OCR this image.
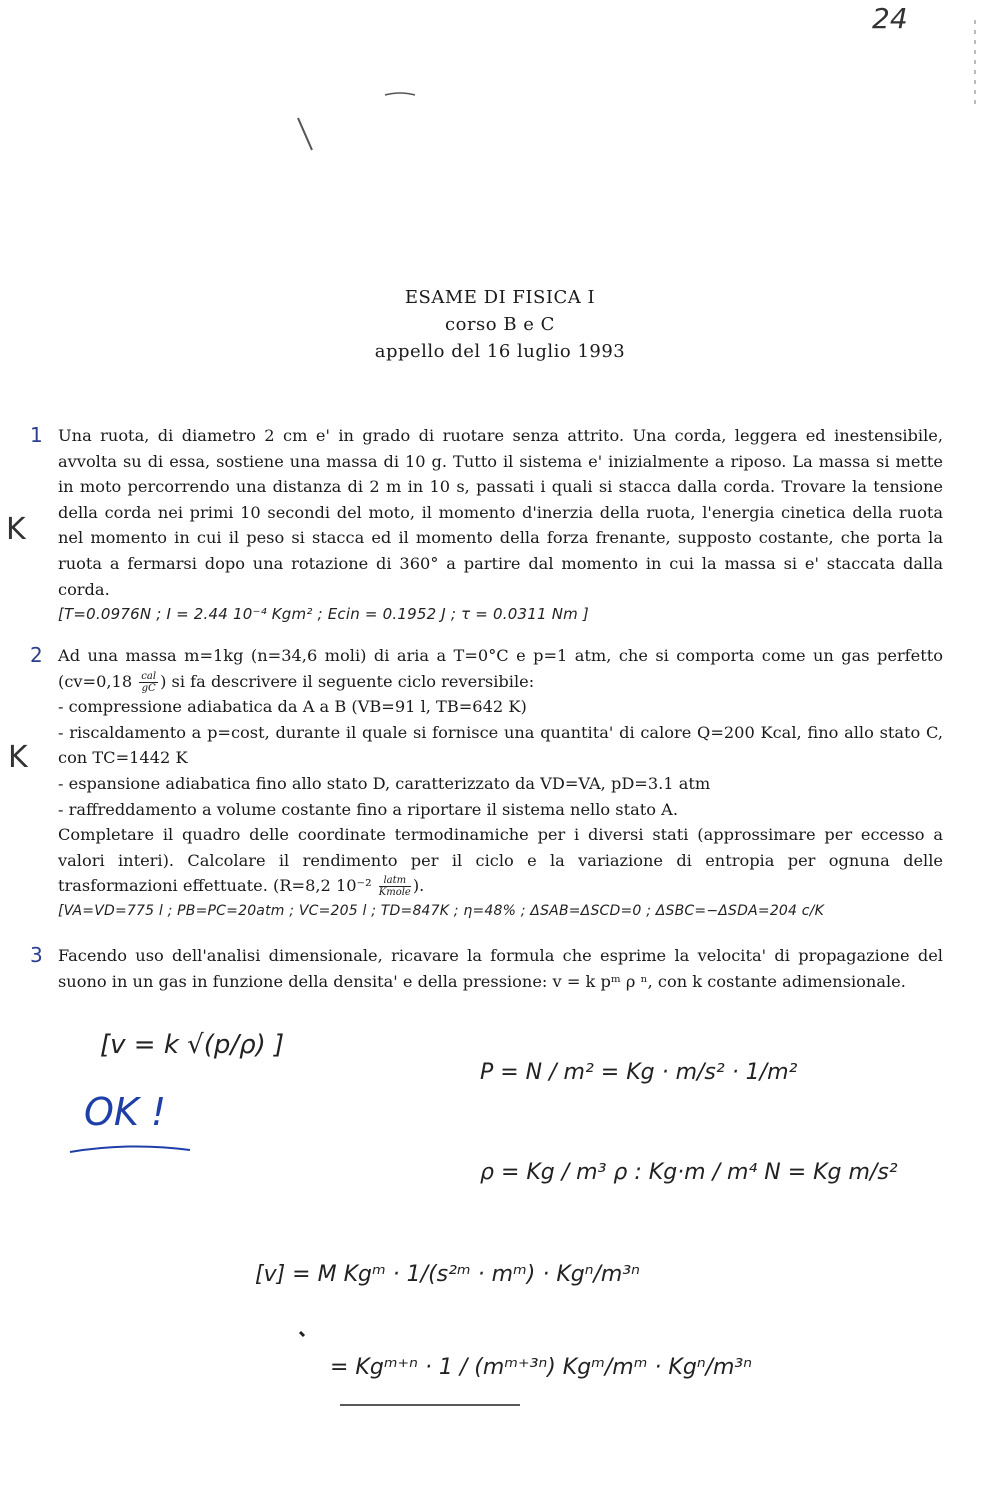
24
ESAME DI FISICA I
corso B e C
appello del 16 luglio 1993
1 Una ruota, di diametro 2 cm e' in grado di ruotare senza attrito. Una corda, leggera ed inestensibile, avvolta su di essa, sostiene una massa di 10 g. Tutto il sistema e' inizialmente a riposo. La massa si mette in moto percorrendo una distanza di 2 m in 10 s, passati i quali si stacca dalla corda. Trovare la tensione della corda nei primi 10 secondi del moto, il momento d'inerzia della ruota, l'energia cinetica della ruota nel momento in cui il peso si stacca ed il momento della forza frenante, supposto costante, che porta la ruota a fermarsi dopo una rotazione di 360° a partire dal momento in cui la massa si e' staccata dalla corda.

[T=0.0976N ; I = 2.44 10⁻⁴ Kgm² ; Ecin = 0.1952 J ; τ = 0.0311 Nm ]
2 Ad una massa m=1kg (n=34,6 moli) di aria a T=0°C e p=1 atm, che si comporta come un gas perfetto ($cv=0,18 \frac{\text{cal}}{gC}$ ) si fa descrivere il seguente ciclo reversibile:

- compressione adiabatica da A a B (VB=91 l, TB=642 K)

- riscaldamento a p=cost, durante il quale si fornisce una quantita' di calore Q=200 Kcal, fino allo stato C, con TC=1442 K

- espansione adiabatica fino allo stato D, caratterizzato da VD=VA, pD=3.1 atm

- raffreddamento a volume costante fino a riportare il sistema nello stato A.

Completare il quadro delle coordinate termodinamiche per i diversi stati (approssimare per eccesso a valori interi). Calcolare il rendimento per il ciclo e la variazione di entropia per ognuna delle trasformazioni effettuate. (R=8,2 $10^{-2} \frac{\text{latm}}{\text{Kmole}}$ ).

[VA=VD=775 l ; PB=PC=20atm ; VC=205 l ; TD=847K ; η=48% ; ΔSAB=ΔSCD=0 ; ΔSBC=−ΔSDA=204 c/K
3 Facendo uso dell'analisi dimensionale, ricavare la formula che esprime la velocita' di propagazione del suono in un gas in funzione della densita' e della pressione: v = k pᵐ ρ ⁿ, con k costante adimensionale.

[v = k √(p/ρ) ]
OK !
K
K
P = N / m² = Kg · m/s² · 1/m²
ρ = Kg / m³ ρ : Kg·m / m⁴ N = Kg m/s²
[v] = M Kgᵐ · 1/(s²ᵐ · mᵐ) · Kgⁿ/m³ⁿ
= Kgᵐ⁺ⁿ · 1 / (mᵐ⁺³ⁿ) Kgᵐ/mᵐ · Kgⁿ/m³ⁿ
